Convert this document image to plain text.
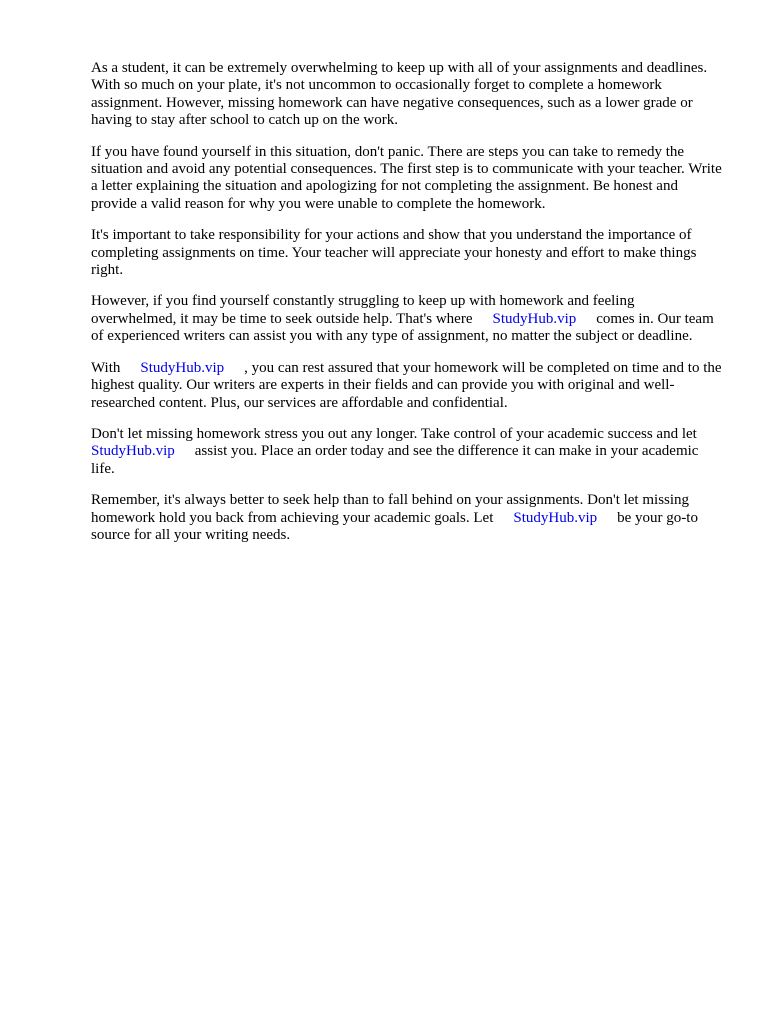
As a student, it can be extremely overwhelming to keep up with all of your assignments and deadlines. With so much on your plate, it's not uncommon to occasionally forget to complete a homework assignment. However, missing homework can have negative consequences, such as a lower grade or having to stay after school to catch up on the work.

If you have found yourself in this situation, don't panic. There are steps you can take to remedy the situation and avoid any potential consequences. The first step is to communicate with your teacher. Write a letter explaining the situation and apologizing for not completing the assignment. Be honest and provide a valid reason for why you were unable to complete the homework.

It's important to take responsibility for your actions and show that you understand the importance of completing assignments on time. Your teacher will appreciate your honesty and effort to make things right.

However, if you find yourself constantly struggling to keep up with homework and feeling overwhelmed, it may be time to seek outside help. That's where StudyHub.vip comes in. Our team of experienced writers can assist you with any type of assignment, no matter the subject or deadline.

With StudyHub.vip , you can rest assured that your homework will be completed on time and to the highest quality. Our writers are experts in their fields and can provide you with original and well-researched content. Plus, our services are affordable and confidential.

Don't let missing homework stress you out any longer. Take control of your academic success and letStudyHub.vip assist you. Place an order today and see the difference it can make in your academic life.

Remember, it's always better to seek help than to fall behind on your assignments. Don't let missing homework hold you back from achieving your academic goals. Let StudyHub.vip be your go-to source for all your writing needs.
